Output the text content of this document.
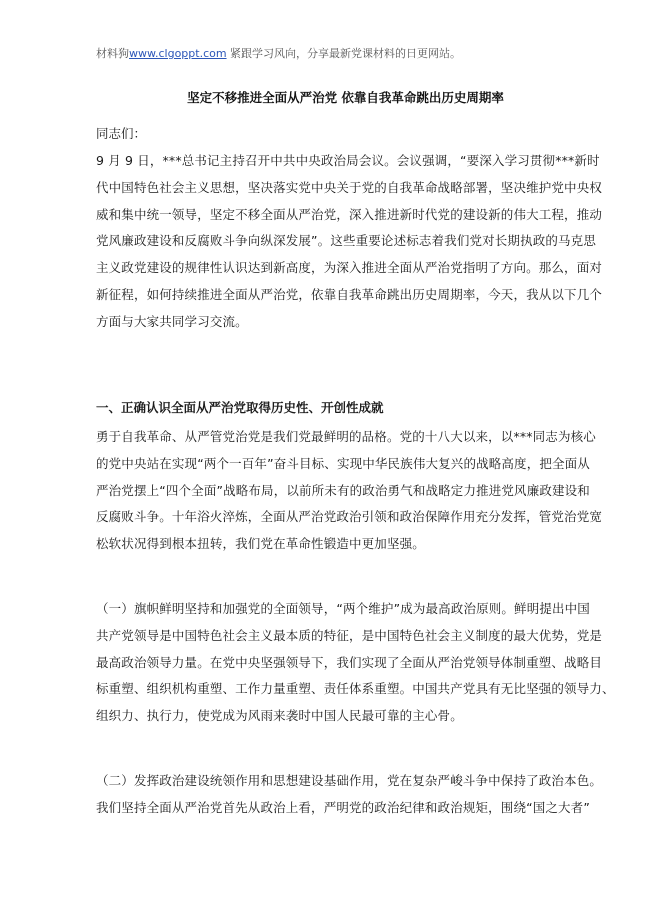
材料狗www.clgoppt.com 紧跟学习风向，分享最新党课材料的日更网站。
坚定不移推进全面从严治党 依靠自我革命跳出历史周期率
同志们：
9 月 9 日，***总书记主持召开中共中央政治局会议。会议强调，“要深入学习贯彻***新时
代中国特色社会主义思想，坚决落实党中央关于党的自我革命战略部署，坚决维护党中央权
威和集中统一领导，坚定不移全面从严治党，深入推进新时代党的建设新的伟大工程，推动
党风廉政建设和反腐败斗争向纵深发展”。这些重要论述标志着我们党对长期执政的马克思
主义政党建设的规律性认识达到新高度，为深入推进全面从严治党指明了方向。那么，面对
新征程，如何持续推进全面从严治党，依靠自我革命跳出历史周期率，今天，我从以下几个
方面与大家共同学习交流。
一、正确认识全面从严治党取得历史性、开创性成就
勇于自我革命、从严管党治党是我们党最鲜明的品格。党的十八大以来，以***同志为核心
的党中央站在实现“两个一百年”奋斗目标、实现中华民族伟大复兴的战略高度，把全面从
严治党摆上“四个全面”战略布局，以前所未有的政治勇气和战略定力推进党风廉政建设和
反腐败斗争。十年浴火淬炼，全面从严治党政治引领和政治保障作用充分发挥，管党治党宽
松软状况得到根本扭转，我们党在革命性锻造中更加坚强。
（一）旗帜鲜明坚持和加强党的全面领导，“两个维护”成为最高政治原则。鲜明提出中国
共产党领导是中国特色社会主义最本质的特征，是中国特色社会主义制度的最大优势，党是
最高政治领导力量。在党中央坚强领导下，我们实现了全面从严治党领导体制重塑、战略目
标重塑、组织机构重塑、工作力量重塑、责任体系重塑。中国共产党具有无比坚强的领导力、
组织力、执行力，使党成为风雨来袭时中国人民最可靠的主心骨。
（二）发挥政治建设统领作用和思想建设基础作用，党在复杂严峻斗争中保持了政治本色。
我们坚持全面从严治党首先从政治上看，严明党的政治纪律和政治规矩，围绕“国之大者”
